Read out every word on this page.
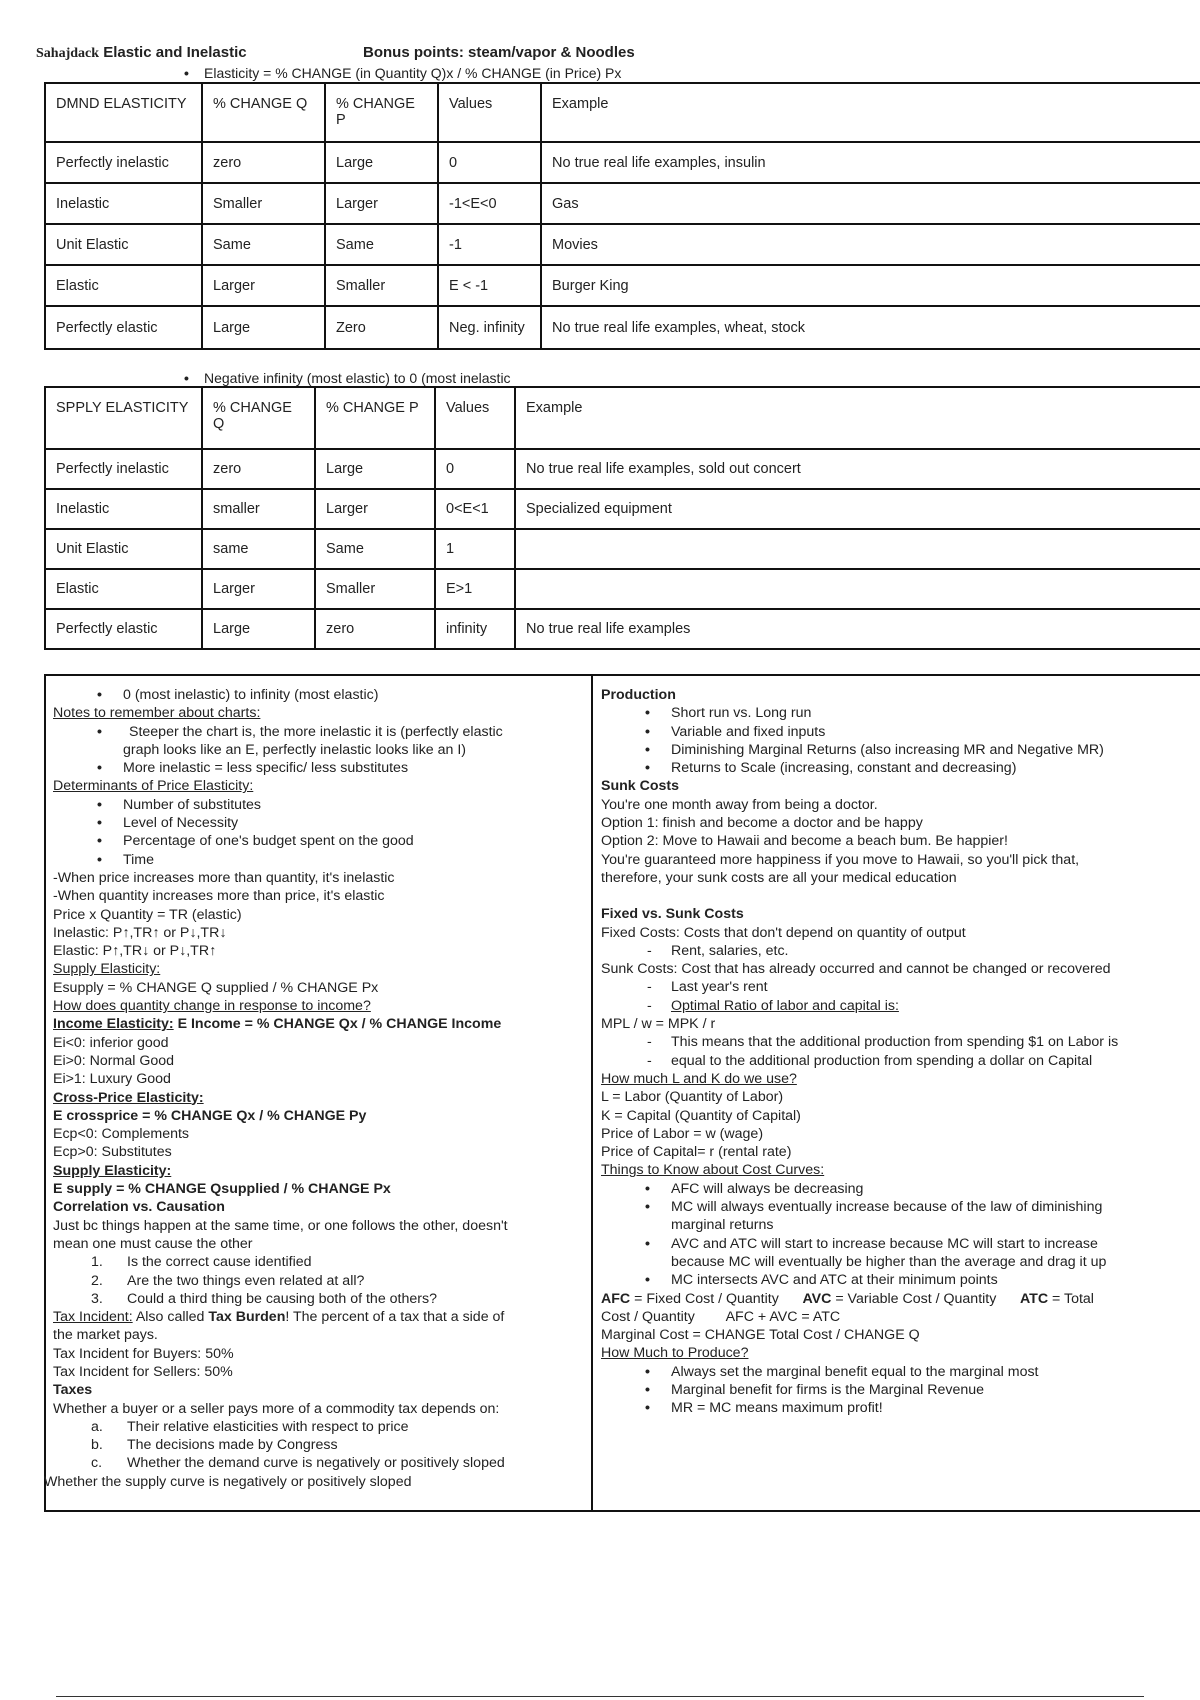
Sahajdack Elastic and Inelastic	Bonus points: steam/vapor & Noodles
• Elasticity = % CHANGE (in Quantity Q)x / % CHANGE (in Price) Px
DMND ELASTICITY	% CHANGE Q	% CHANGE P	Values	Example
Perfectly inelastic	zero	Large	0	No true real life examples, insulin
Inelastic	Smaller	Larger	-1<E<0	Gas
Unit Elastic	Same	Same	-1	Movies
Elastic	Larger	Smaller	E < -1	Burger King
Perfectly elastic	Large	Zero	Neg. infinity	No true real life examples, wheat, stock
• Negative infinity (most elastic) to 0 (most inelastic
SPPLY ELASTICITY	% CHANGE Q	% CHANGE P	Values	Example
Perfectly inelastic	zero	Large	0	No true real life examples, sold out concert
Inelastic	smaller	Larger	0<E<1	Specialized equipment
Unit Elastic	same	Same	1	
Elastic	Larger	Smaller	E>1	
Perfectly elastic	Large	zero	infinity	No true real life examples
• 0 (most inelastic) to infinity (most elastic)
Notes to remember about charts:
• Steeper the chart is, the more inelastic it is (perfectly elastic
graph looks like an E, perfectly inelastic looks like an I)
• More inelastic = less specific/ less substitutes
Determinants of Price Elasticity:
• Number of substitutes
• Level of Necessity
• Percentage of one's budget spent on the good
• Time
-When price increases more than quantity, it's inelastic
-When quantity increases more than price, it's elastic
Price x Quantity = TR (elastic)
Inelastic: P↑,TR↑ or P↓,TR↓
Elastic: P↑,TR↓ or P↓,TR↑
Supply Elasticity:
Esupply = % CHANGE Q supplied / % CHANGE Px
How does quantity change in response to income?
Income Elasticity: E Income = % CHANGE Qx / % CHANGE Income
Ei<0: inferior good
Ei>0: Normal Good
Ei>1: Luxury Good
Cross-Price Elasticity:
E crossprice = % CHANGE Qx / % CHANGE Py
Ecp<0: Complements
Ecp>0: Substitutes
Supply Elasticity:
E supply = % CHANGE Qsupplied / % CHANGE Px
Correlation vs. Causation
Just bc things happen at the same time, or one follows the other, doesn't
mean one must cause the other
1. Is the correct cause identified
2. Are the two things even related at all?
3. Could a third thing be causing both of the others?
Tax Incident: Also called Tax Burden! The percent of a tax that a side of
the market pays.
Tax Incident for Buyers: 50%
Tax Incident for Sellers: 50%
Taxes
Whether a buyer or a seller pays more of a commodity tax depends on:
a. Their relative elasticities with respect to price
b. The decisions made by Congress
c. Whether the demand curve is negatively or positively sloped
Whether the supply curve is negatively or positively sloped
Production
• Short run vs. Long run
• Variable and fixed inputs
• Diminishing Marginal Returns (also increasing MR and Negative MR)
• Returns to Scale (increasing, constant and decreasing)
Sunk Costs
You're one month away from being a doctor.
Option 1: finish and become a doctor and be happy
Option 2: Move to Hawaii and become a beach bum. Be happier!
You're guaranteed more happiness if you move to Hawaii, so you'll pick that,
therefore, your sunk costs are all your medical education
Fixed vs. Sunk Costs
Fixed Costs: Costs that don't depend on quantity of output
- Rent, salaries, etc.
Sunk Costs: Cost that has already occurred and cannot be changed or recovered
- Last year's rent
- Optimal Ratio of labor and capital is:
MPL / w = MPK / r
- This means that the additional production from spending $1 on Labor is
- equal to the additional production from spending a dollar on Capital
How much L and K do we use?
L = Labor (Quantity of Labor)
K = Capital (Quantity of Capital)
Price of Labor = w (wage)
Price of Capital= r (rental rate)
Things to Know about Cost Curves:
• AFC will always be decreasing
• MC will always eventually increase because of the law of diminishing
marginal returns
• AVC and ATC will start to increase because MC will start to increase
because MC will eventually be higher than the average and drag it up
• MC intersects AVC and ATC at their minimum points
AFC = Fixed Cost / Quantity      AVC = Variable Cost / Quantity      ATC = Total
Cost / Quantity        AFC + AVC = ATC
Marginal Cost = CHANGE Total Cost / CHANGE Q
How Much to Produce?
• Always set the marginal benefit equal to the marginal most
• Marginal benefit for firms is the Marginal Revenue
• MR = MC means maximum profit!
